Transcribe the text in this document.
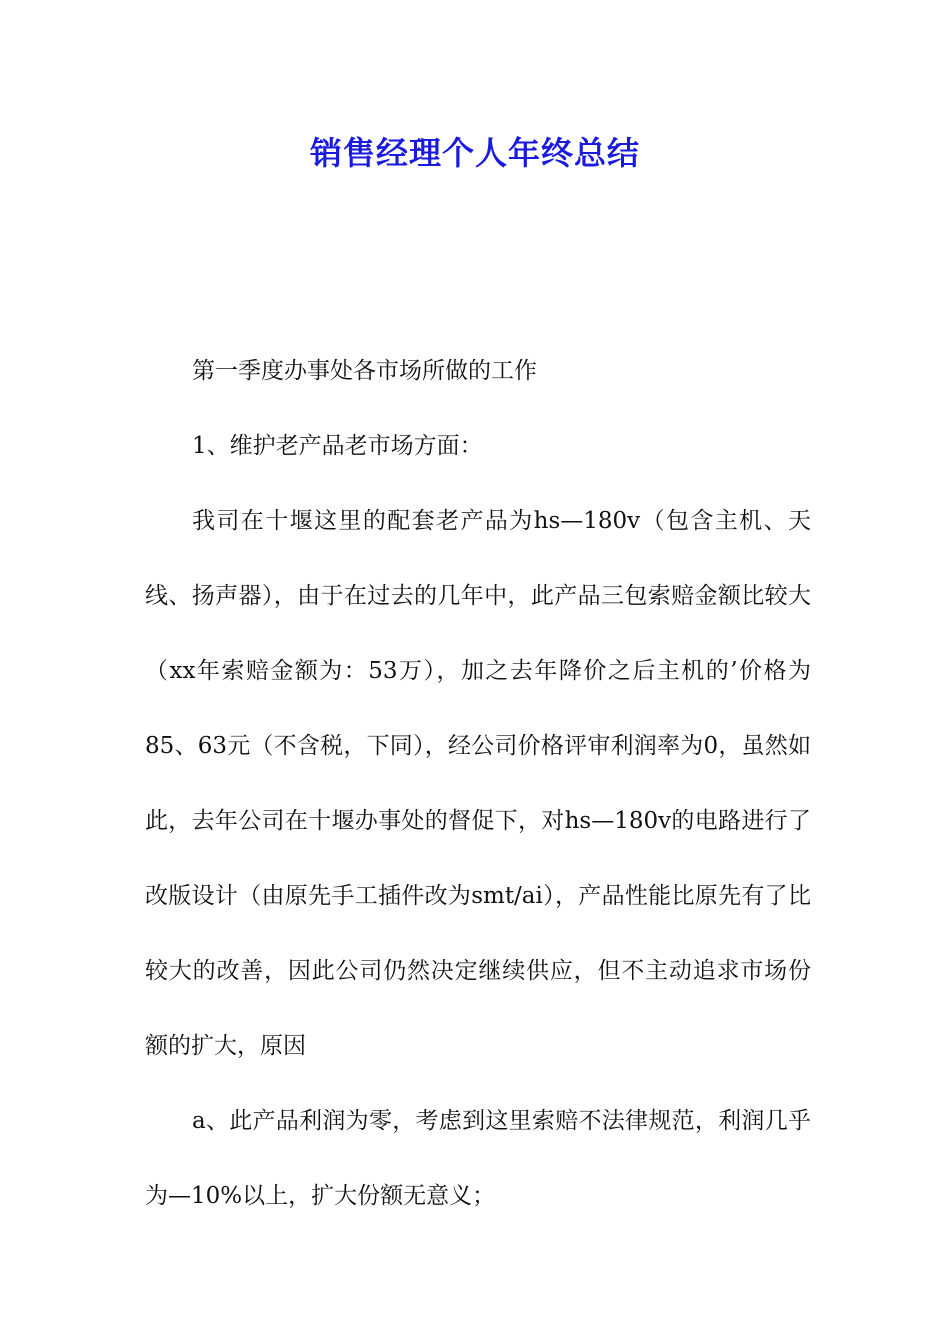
销售经理个人年终总结

第一季度办事处各市场所做的工作

1、维护老产品老市场方面：

我司在十堰这里的配套老产品为hs—180v（包含主机、天线、扬声器），由于在过去的几年中，此产品三包索赔金额比较大（xx年索赔金额为：53万），加之去年降价之后主机的’价格为85、63元（不含税，下同），经公司价格评审利润率为0，虽然如此，去年公司在十堰办事处的督促下，对hs—180v的电路进行了改版设计（由原先手工插件改为smt/ai），产品性能比原先有了比较大的改善，因此公司仍然决定继续供应，但不主动追求市场份额的扩大，原因

a、此产品利润为零，考虑到这里索赔不法律规范，利润几乎为—10%以上，扩大份额无意义；
